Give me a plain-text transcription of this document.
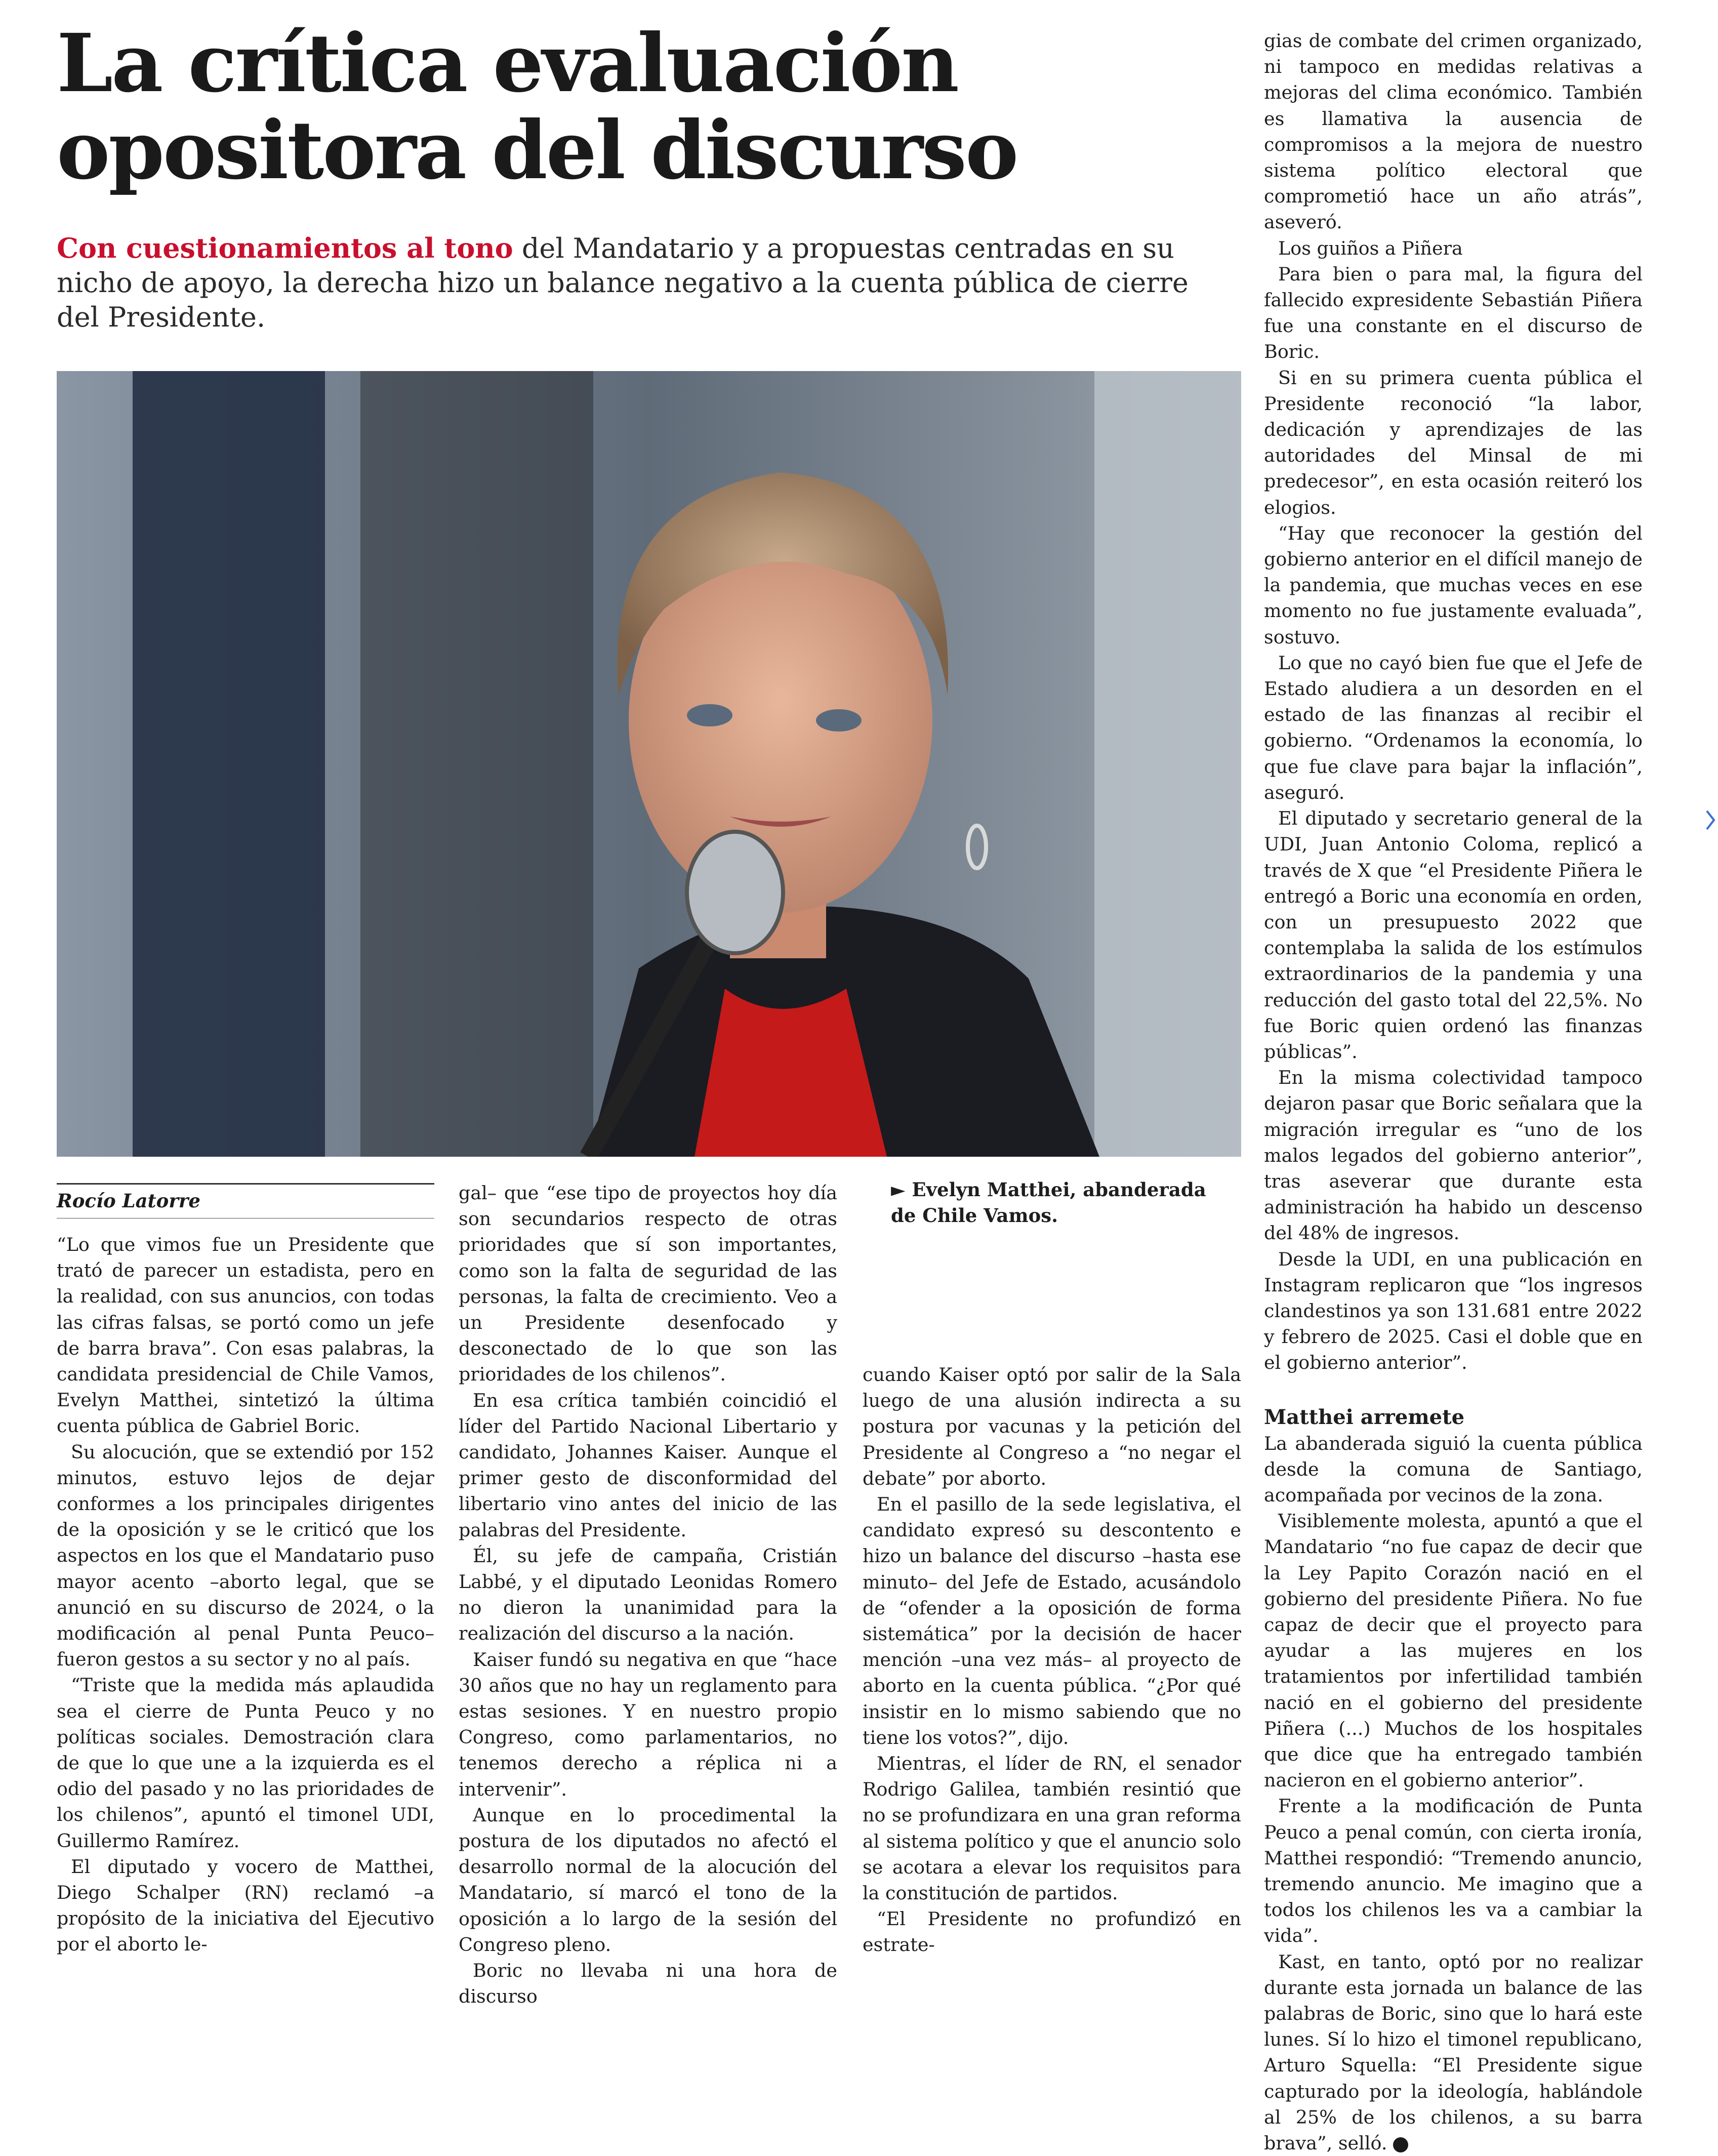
La crítica evaluación opositora del discurso

Con cuestionamientos al tono del Mandatario y a propuestas centradas en su nicho de apoyo, la derecha hizo un balance negativo a la cuenta pública de cierre del Presidente.

Rocío Latorre	► Evelyn Matthei, abanderada de Chile Vamos.

“Lo que vimos fue un Presidente que trató de parecer un estadista, pero en la realidad, con sus anuncios, con todas las cifras falsas, se portó como un jefe de barra brava”. Con esas palabras, la candidata presidencial de Chile Vamos, Evelyn Matthei, sintetizó la última cuenta pública de Gabriel Boric.

Su alocución, que se extendió por 152 minutos, estuvo lejos de dejar conformes a los principales dirigentes de la oposición y se le criticó que los aspectos en los que el Mandatario puso mayor acento –aborto legal, que se anunció en su discurso de 2024, o la modificación al penal Punta Peuco– fueron gestos a su sector y no al país.

“Triste que la medida más aplaudida sea el cierre de Punta Peuco y no políticas sociales. Demostración clara de que lo que une a la izquierda es el odio del pasado y no las prioridades de los chilenos”, apuntó el timonel UDI, Guillermo Ramírez.

El diputado y vocero de Matthei, Diego Schalper (RN) reclamó –a propósito de la iniciativa del Ejecutivo por el aborto le-

gal– que “ese tipo de proyectos hoy día son secundarios respecto de otras prioridades que sí son importantes, como son la falta de seguridad de las personas, la falta de crecimiento. Veo a un Presidente desenfocado y desconectado de lo que son las prioridades de los chilenos”.

En esa crítica también coincidió el líder del Partido Nacional Libertario y candidato, Johannes Kaiser. Aunque el primer gesto de disconformidad del libertario vino antes del inicio de las palabras del Presidente.

Él, su jefe de campaña, Cristián Labbé, y el diputado Leonidas Romero no dieron la unanimidad para la realización del discurso a la nación.

Kaiser fundó su negativa en que “hace 30 años que no hay un reglamento para estas sesiones. Y en nuestro propio Congreso, como parlamentarios, no tenemos derecho a réplica ni a intervenir”.

Aunque en lo procedimental la postura de los diputados no afectó el desarrollo normal de la alocución del Mandatario, sí marcó el tono de la oposición a lo largo de la sesión del Congreso pleno.

Boric no llevaba ni una hora de discurso

cuando Kaiser optó por salir de la Sala luego de una alusión indirecta a su postura por vacunas y la petición del Presidente al Congreso a “no negar el debate” por aborto.

En el pasillo de la sede legislativa, el candidato expresó su descontento e hizo un balance del discurso –hasta ese minuto– del Jefe de Estado, acusándolo de “ofender a la oposición de forma sistemática” por la decisión de hacer mención –una vez más– al proyecto de aborto en la cuenta pública. “¿Por qué insistir en lo mismo sabiendo que no tiene los votos?”, dijo.

Mientras, el líder de RN, el senador Rodrigo Galilea, también resintió que no se profundizara en una gran reforma al sistema político y que el anuncio solo se acotara a elevar los requisitos para la constitución de partidos.

“El Presidente no profundizó en estrate-

gias de combate del crimen organizado, ni tampoco en medidas relativas a mejoras del clima económico. También es llamativa la ausencia de compromisos a la mejora de nuestro sistema político electoral que comprometió hace un año atrás”, aseveró.

Los guiños a Piñera

Para bien o para mal, la figura del fallecido expresidente Sebastián Piñera fue una constante en el discurso de Boric.

Si en su primera cuenta pública el Presidente reconoció “la labor, dedicación y aprendizajes de las autoridades del Minsal de mi predecesor”, en esta ocasión reiteró los elogios.

“Hay que reconocer la gestión del gobierno anterior en el difícil manejo de la pandemia, que muchas veces en ese momento no fue justamente evaluada”, sostuvo.

Lo que no cayó bien fue que el Jefe de Estado aludiera a un desorden en el estado de las finanzas al recibir el gobierno. “Ordenamos la economía, lo que fue clave para bajar la inflación”, aseguró.

El diputado y secretario general de la UDI, Juan Antonio Coloma, replicó a través de X que “el Presidente Piñera le entregó a Boric una economía en orden, con un presupuesto 2022 que contemplaba la salida de los estímulos extraordinarios de la pandemia y una reducción del gasto total del 22,5%. No fue Boric quien ordenó las finanzas públicas”.

En la misma colectividad tampoco dejaron pasar que Boric señalara que la migración irregular es “uno de los malos legados del gobierno anterior”, tras aseverar que durante esta administración ha habido un descenso del 48% de ingresos.

Desde la UDI, en una publicación en Instagram replicaron que “los ingresos clandestinos ya son 131.681 entre 2022 y febrero de 2025. Casi el doble que en el gobierno anterior”.

Matthei arremete

La abanderada siguió la cuenta pública desde la comuna de Santiago, acompañada por vecinos de la zona.

Visiblemente molesta, apuntó a que el Mandatario “no fue capaz de decir que la Ley Papito Corazón nació en el gobierno del presidente Piñera. No fue capaz de decir que el proyecto para ayudar a las mujeres en los tratamientos por infertilidad también nació en el gobierno del presidente Piñera (...) Muchos de los hospitales que dice que ha entregado también nacieron en el gobierno anterior”.

Frente a la modificación de Punta Peuco a penal común, con cierta ironía, Matthei respondió: “Tremendo anuncio, tremendo anuncio. Me imagino que a todos los chilenos les va a cambiar la vida”.

Kast, en tanto, optó por no realizar durante esta jornada un balance de las palabras de Boric, sino que lo hará este lunes. Sí lo hizo el timonel republicano, Arturo Squella: “El Presidente sigue capturado por la ideología, hablándole al 25% de los chilenos, a su barra brava”, selló.
